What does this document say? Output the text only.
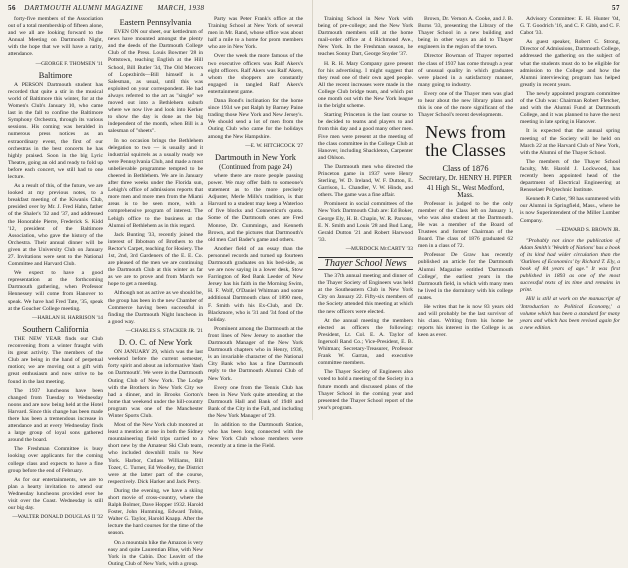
56 DARTMOUTH ALUMNI MAGAZINE MARCH, 1938	57

forty-five members of the Association out of a total membership of fifteen alone, and we all are looking forward to the Annual Meeting on Dartmouth Night, with the hope that we will have a rarity, attendance.

—GEORGE F. THOMSEN '11
Baltimore

A PERSON Dartmouth student has recorded that quite a stir in the musical world of Baltimore this winter, for at the Women's Club's January 10, who came last in the fall to confine the Baltimore Symphony Orchestra, through its various sessions. His coming was heralded in numerous press notices as an extraordinary event, the first of our orchestras in the best concerts he has highly praised. Soon in the big Lyric Theatre, going an old and ready to fold up before each concert, we still had to one lecture.

As a result of this, of the future, we are looked at my previous notes, to a breakfast meeting of the Kiwanis Club, presided over by Mr. J. Fred Hahn, father of the Shaler's '32 and '37, and addressed the Honorable Pierre, Frederick S. Kidd '12, president of the Baltimore Association, who gave the history of the Orchestra. Their annual dinner will be given at the University Club on January 27. Invitations were sent to the National Committee and Harvard Club.

We expect to have a good representation at the forthcoming Dartmouth gathering, when Professor Hennessey will come from Hanover to speak. We have had Fred Tate, '35, speak at the Goucher College meeting.

—HARLAN H. HARRISON '14
Southern California

THE NEW YEAR finds our Club reconvening from a winter fraught with its great activity. The members of the Club are being in the hand of perpetual motion; we are moving out a gift with great enthusiasm and now strive to be found in the last meeting.

The 1937 luncheons have been changed from Tuesday to Wednesday noons and are now being held at the Hotel Harvard. Since this change has been made there has been a tremendous increase in attendance and at every Wednesday finds a large group of loyal sons gathered around the board.

The Freshman Committee is busy looking over applicants for the coming college class and expects to have a fine group before the end of February.

As for our entertainments, we are to plan a hearty invitation to attend our Wednesday luncheons provided ever he visit over the Coast. Wednesday is still our big day.

—WALTER DONALD DOUGLAS II '32
Eastern Pennsylvania

EVEN ON our sheet, our kettledrum of news have mounted amongst the plenty and the deeds of the Dartmouth College Club of the Press. Louis Bowmer '28 in Pottstown, teaching English at the Hill School, Bill Butler '34, The Old Mercers of Lopezbirds—Bill himself is a Salesman, as usual, until this was exploited on your correspondent. He had always referred to the art as "single" we moved out into a Bethlehem suburb where we now live and look into Kerker to show the day is done as the big independent of the month, when Bill is a salesman of "sheets".

In no occasion brings the Bethlehem delegation to two — is usually and it industrial squirrels as a usually ready we were Pennsylvania Club, and made a most unbelievable programme tempted to be cheered in Bethlehem. We are in January after three weeks under the Florida sun, Lehigh's office of admissions reports that more men and more men from the Miami areas is to be seen more, with a comprehensive program of interest. The Lehigh office to the business at the Alumni of Bethlehem as in this regard.

Jack Bunting '33, recently joined the interest of Ibbotson of Brothers to the Rector's Carpet, teaching for Hosiery. The 1st, 2nd, 3rd Gardeners of the E. E. Co. are pleased of the men we are continuing the Dartmouth Club at this winter as far as we are to prove and from March we hope to get a meeting.

Although not as active as we should be, the group has been in the new Chamber of Commerce having been successful in finding the Dartmouth Night luncheon in a good way.

—CHARLES S. STACKER JR. '21
D. O. C. of New York

ON JANUARY 29, which was the last weekend before the current semester, forty spirit and about an informative 'dash on Dartmouth'. We were in the Dartmouth Outing Club of New York. The Lodge with the Brothers in New York City we had a dinner, and in Brooks Gorton's home that weekend under the hill-country program was one of the Manchester Winter Sports Club.

Most of the New York club motored at least a mention at one in both the Sidney mountaineering field trips carried to a short new by the Amateur Ski Club team, who included downhill trails to New York. Harbor, Cutlass Williams, Bill Tozer, C. Turner, Ed Woolley, the District were at the latter part of the course, respectively. Dick Harker and Jack Perry.

During the evening, we have a skiing short movie of cross-country, where the Ralph Bolmer, Dave Hopper 1932. Harold Foster, John Humming, Edward Tobin, Walter G. Taylor, Harold Knapp. After the lecture the hard courses for the time of the season.

On a mountain hike the Amazon is very easy and quite Laurentian Blue, with New York in the Cabin. Doc Leavitt of the Outing Club of New York, with a group.

Party was Peter Frank's office at the Training School at New York of several men in Mr. Rand, whose office was about half a mile to a home for prom members who are in New York.

Over the week the more famous of the two executive officers was Ralf Akers's eight officers. Ralf Akers was Ralf Akers, whom the shoppers are constantly engaged in tangled Ralf Akers's entertainment game.

Dana Bond's inclination for the home since 1934 we put Ralph by Barney Paine trading those New York and New Jersey's. We should send a lot of men from the Outing Club who came for the holidays among the New Hampshire.

—E. W. HITCHCOCK '27
Dartmouth in New York
(Continued from page 24)

where there are more people passing power. We may offer faith to someone's statement as to the more precisely Adjuster, Merle Mills's tradition, is that Harvard to a student may keep a Waterloo of five blocks and Connecticut's quota. Some of the Dartmouth ones are Fred Monroe, Dr. Cummings, and Kenneth Brown, and the pictures that Dartmouth's old men Carl Bader's game and others.

Another field of an essay than the personnel records and turned up fourteen Dartmouth graduates on his bed-side, as we are now saying in a lower desk, Stow Farrington of Red Bank Leeder of New Jersey has his faith in the Morning Swim, H. F. Wolf, O'Daniel Whitman and some additional Dartmouth class of 1890 men, F. Smith with his Ex-Club, and Dr. Blackmore, who is '31 and '34 fond of the holiday.

Prominent among the Dartmouth at the front lines of New Jersey to another the Dartmouth Manager of the New York Dartmouth chapters who in Henry, 1936, is an invariable character of the National City Bank who has a fine Dartmouth reply to the Dartmouth Alumni Club of New York.

Every one from the Tennis Club has been in New York quite attending at the Dartmouth Hall and Bank of 1948 and Bank of the City in the Fall, and including the New York Manager of '29.

In addition to the Dartmouth Station, who has been long connected with the New York Club whose members were recently at a time in the Field.

Training School in New York with being of pre-college; and the New York Dartmouth members still at the home mail-order office at 4 Richmond Ave., New York. In the Freshman season, he teaches Sonny Dart, George Snyder '37.

H. R. H. Mary Company gave present for his advertising. I might suggest that they read one of their own aged people. All the recent increases were made in the College Club bridge team, and which put one month out with the New York league in the bright scheme.

Starting Princeton is the last course to be decided to teams and players to and from this day and a good many other men. Five men were present at the meeting of the class committee in the College Club at Hanover, including Shackleton, Carpenter and Ohlson.

The Dartmouth men who directed the Princeton game in 1937 were Henry Sterling, W. D. Ireland, W. F. Dutton, E. Garrison, L. Chandler, V. W. Hinds, and others. The game was a fine affair.

Prominent in social committees of the New York Dartmouth Club are: Ed Boker, George Ely, H. B. Chapin, W. R. Parsons, E. N. Smith and Louis '28 and Bud Lang, Gerald Dutton '21 and Robert Harwood '33.

—MURDOCK McCARTY '33
Thayer School News

The 37th annual meeting and dinner of the Thayer Society of Engineers was held at the Southeastern Club in New York City on January 22. Fifty-six members of the Society attended this meeting at which the new officers were elected.

At the annual meeting the members elected as officers the following: President, Lt. Col. E. A. Taylor of Ingersoll Rand Co.; Vice-President, E. B. Whitman; Secretary-Treasurer, Professor Frank W. Garran, and executive committee members.

The Thayer Society of Engineers also voted to hold a meeting of the Society in a future month and discussed plans of the Thayer School in the coming year and presented the Thayer School report of the year's program.

Brown, Dr. Vernon A. Cooke, and J. B. Burns '33, presenting the Library of the Thayer School in a new building and being in other ways an aid to Thayer engineers in the region of the town.

Director Bowman of Thayer reported the class of 1937 has come through a year of unusual quality in which graduates were placed in a satisfactory manner, many going to industry.

Every one of the Thayer men was glad to hear about the new library plans and this is one of the more significant of the Thayer School's recent developments.

News from the Classes
Class of 1876
Secretary, Dr. HENRY H. PIPER
41 High St., West Medford, Mass.

Professor is judged to be the only member of the Class left on January 1, who was also student at the Dartmouth. He was a member of the Board of Trustees and former Chairman of the Board. The class of 1876 graduated 62 men in a class of 72.

Professor De Graw has recently published an article for the Dartmouth Alumni Magazine entitled 'Dartmouth College', the earliest years in the Dartmouth field, in which with many men he lived in the dormitory with his college mates.

He writes that he is now 83 years old and will probably be the last survivor of his class. Writing from his home he reports his interest in the College is as keen as ever.

Advisory Committee: E. H. Hunter '04, G. T. Goodrich '16, and C. F. Gibb, and C. F. Cabot '33.

As guest speaker, Robert C. Strong, Director of Admissions, Dartmouth College, addressed the gathering on the subject of what the students must do to be eligible for admission to the College and how the Alumni interviewing program has helped greatly in recent years.

The newly appointed program committee of the Club was: Chairman Robert Fletcher, and with the Alumni Fund at Dartmouth College, and it was planned to have the next meeting in late spring in Hanover.

It is expected that the annual spring meeting of the Society will be held on March 22 at the Harvard Club of New York, with the Alumni of the Thayer School.

The members of the Thayer School faculty, Mr. Harold J. Lockwood, has recently been appointed head of the department of Electrical Engineering at Rensselaer Polytechnic Institute.

Kenneth P. Cutler, '98 has summered with our Alumni in Springfield, Mass., where he is now Superintendent of the Miller Lumber Company.

—EDWARD S. BROWN JR.

"Probably not since the publication of Adam Smith's 'Wealth of Nations' has a book of its kind had wider circulation than the 'Outlines of Economics' by Richard T. Ely, a book of 84 years of age." It was first published in 1893 as one of the most successful texts of its time and remains in print.

Hill is still at work on the manuscript of 'Introduction to Political Economy,' a volume which has been a standard for many years and which has been revised again for a new edition.
